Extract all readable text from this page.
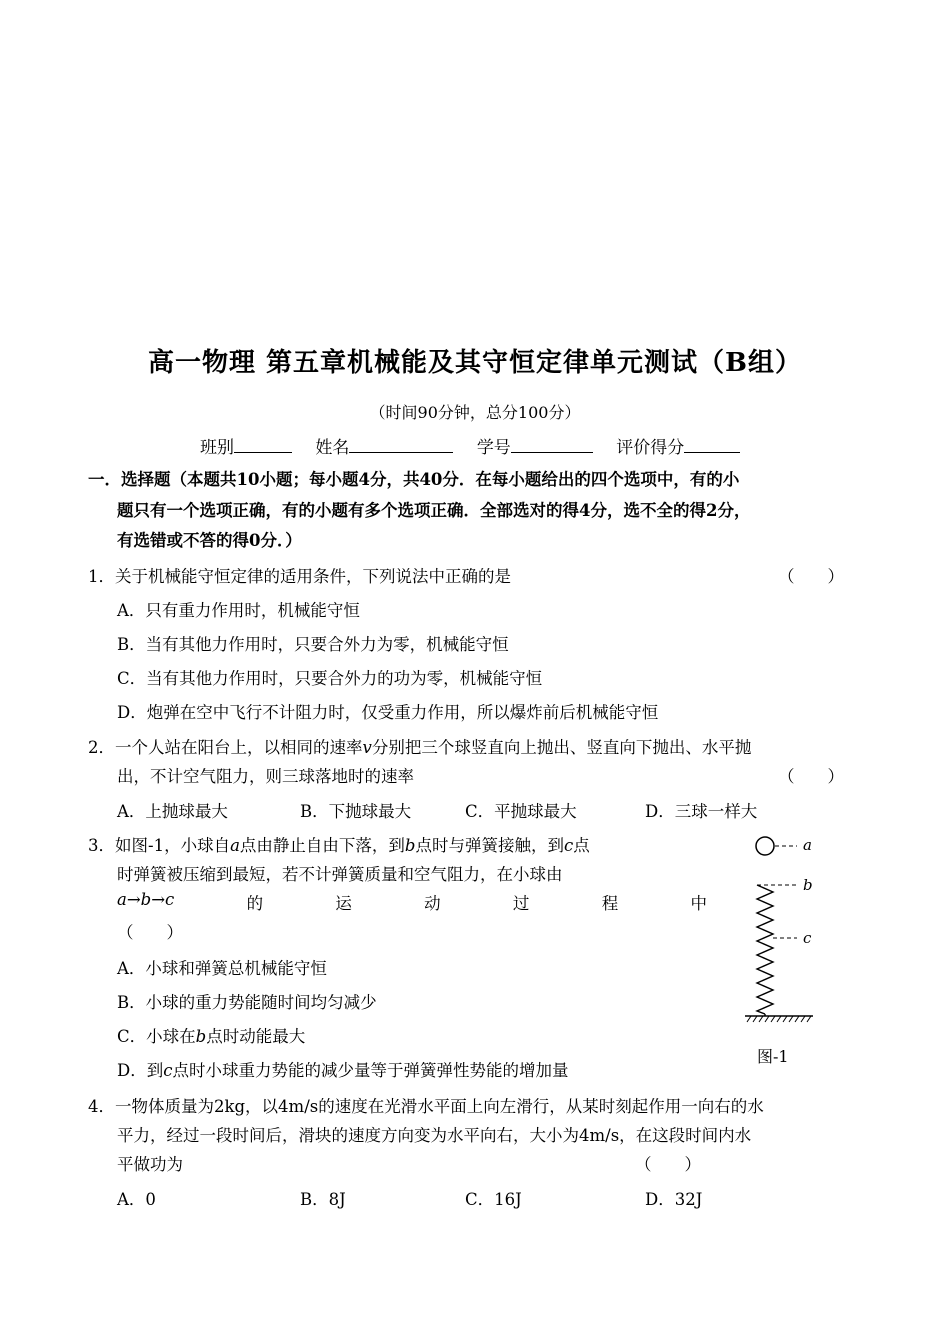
高一物理 第五章机械能及其守恒定律单元测试（B组）
（时间90分钟，总分100分）
班别	姓名	学号	评价得分
一．选择题（本题共10小题；每小题4分，共40分．在每小题给出的四个选项中，有的小
题只有一个选项正确，有的小题有多个选项正确．全部选对的得4分，选不全的得2分，
有选错或不答的得0分．）
1．关于机械能守恒定律的适用条件，下列说法中正确的是	（　　）
A．只有重力作用时，机械能守恒
B．当有其他力作用时，只要合外力为零，机械能守恒
C．当有其他力作用时，只要合外力的功为零，机械能守恒
D．炮弹在空中飞行不计阻力时，仅受重力作用，所以爆炸前后机械能守恒
2．一个人站在阳台上，以相同的速率v分别把三个球竖直向上抛出、竖直向下抛出、水平抛
出，不计空气阻力，则三球落地时的速率	（　　）
A．上抛球最大	B．下抛球最大	C．平抛球最大	D．三球一样大
3．如图-1，小球自a点由静止自由下落，到b点时与弹簧接触，到c点
时弹簧被压缩到最短，若不计弹簧质量和空气阻力，在小球由
a→b→c	的	运	动	过	程	中
（　　）
A．小球和弹簧总机械能守恒
B．小球的重力势能随时间均匀减少
C．小球在b点时动能最大
D．到c点时小球重力势能的减少量等于弹簧弹性势能的增加量
a
b
c
图-1
4．一物体质量为2kg，以4m/s的速度在光滑水平面上向左滑行，从某时刻起作用一向右的水
平力，经过一段时间后，滑块的速度方向变为水平向右，大小为4m/s，在这段时间内水
平做功为	（　　）
A．0	B．8J	C．16J	D．32J
